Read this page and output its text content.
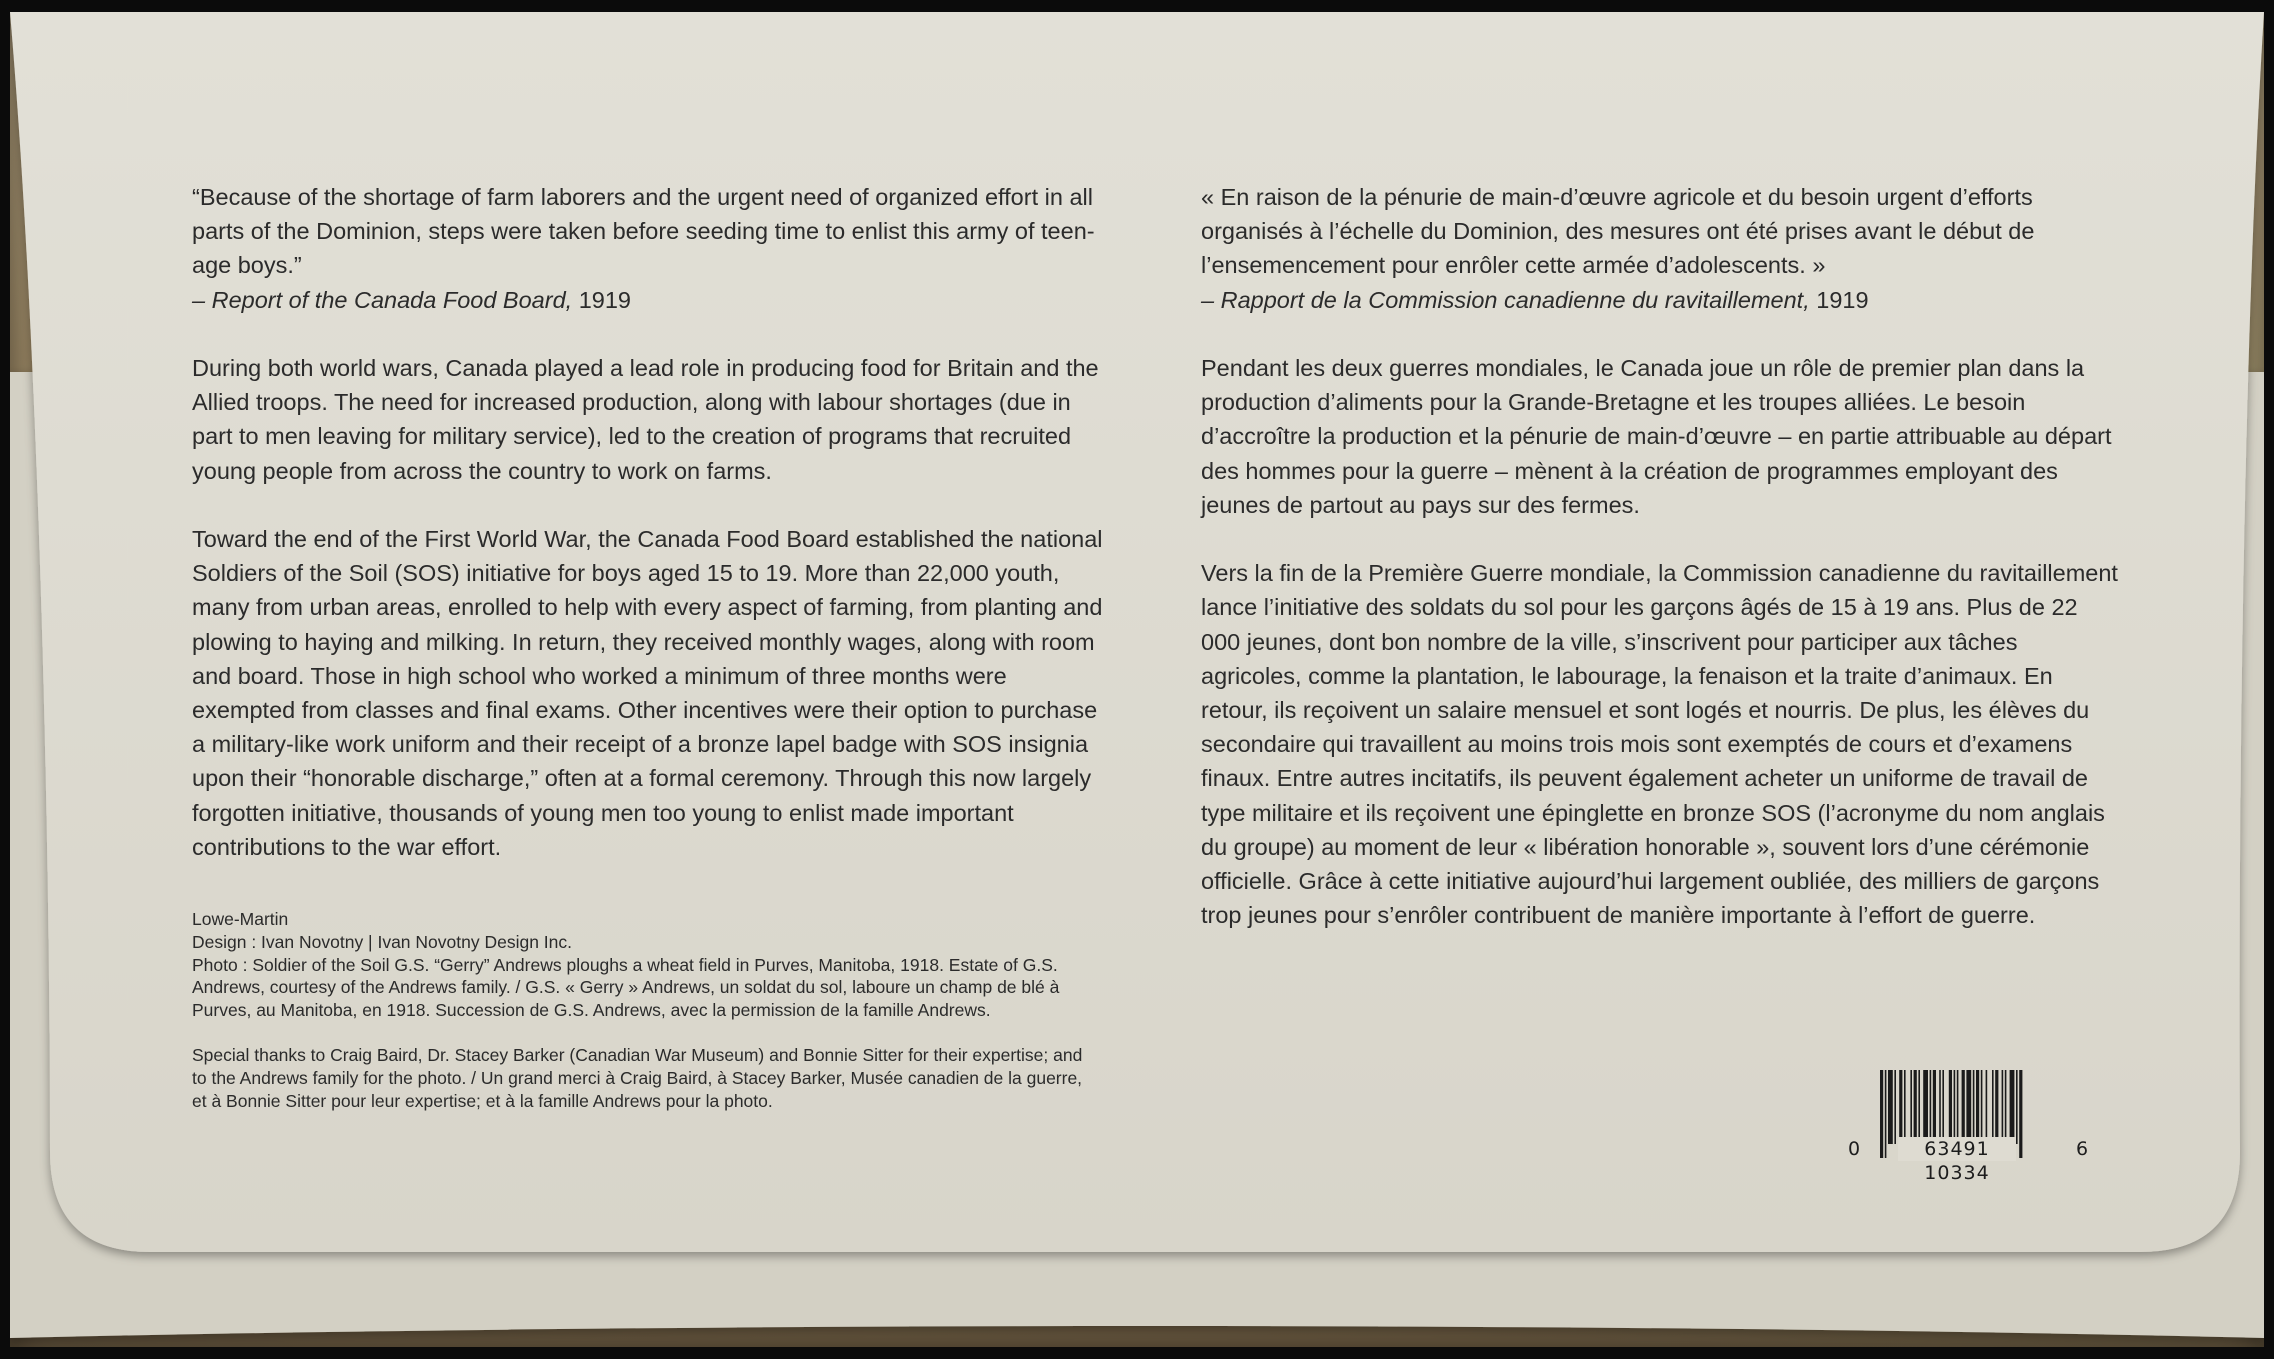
“Because of the shortage of farm laborers and the urgent need of organized effort in all parts of the Dominion, steps were taken before seeding time to enlist this army of teen-age boys.”
– Report of the Canada Food Board, 1919

During both world wars, Canada played a lead role in producing food for Britain and the Allied troops. The need for increased production, along with labour shortages (due in part to men leaving for military service), led to the creation of programs that recruited young people from across the country to work on farms.

Toward the end of the First World War, the Canada Food Board established the national Soldiers of the Soil (SOS) initiative for boys aged 15 to 19. More than 22,000 youth, many from urban areas, enrolled to help with every aspect of farming, from planting and plowing to haying and milking. In return, they received monthly wages, along with room and board. Those in high school who worked a minimum of three months were exempted from classes and final exams. Other incentives were their option to purchase a military-like work uniform and their receipt of a bronze lapel badge with SOS insignia upon their “honorable discharge,” often at a formal ceremony. Through this now largely forgotten initiative, thousands of young men too young to enlist made important contributions to the war effort.

Lowe-Martin
Design : Ivan Novotny | Ivan Novotny Design Inc.
Photo : Soldier of the Soil G.S. “Gerry” Andrews ploughs a wheat field in Purves, Manitoba, 1918. Estate of G.S. Andrews, courtesy of the Andrews family. / G.S. « Gerry » Andrews, un soldat du sol, laboure un champ de blé à Purves, au Manitoba, en 1918. Succession de G.S. Andrews, avec la permission de la famille Andrews.
Special thanks to Craig Baird, Dr. Stacey Barker (Canadian War Museum) and Bonnie Sitter for their expertise; and to the Andrews family for the photo. / Un grand merci à Craig Baird, à Stacey Barker, Musée canadien de la guerre, et à Bonnie Sitter pour leur expertise; et à la famille Andrews pour la photo.

« En raison de la pénurie de main-d’œuvre agricole et du besoin urgent d’efforts organisés à l’échelle du Dominion, des mesures ont été prises avant le début de l’ensemencement pour enrôler cette armée d’adolescents. »
– Rapport de la Commission canadienne du ravitaillement, 1919

Pendant les deux guerres mondiales, le Canada joue un rôle de premier plan dans la production d’aliments pour la Grande-Bretagne et les troupes alliées. Le besoin d’accroître la production et la pénurie de main-d’œuvre – en partie attribuable au départ des hommes pour la guerre – mènent à la création de programmes employant des jeunes de partout au pays sur des fermes.

Vers la fin de la Première Guerre mondiale, la Commission canadienne du ravitaillement lance l’initiative des soldats du sol pour les garçons âgés de 15 à 19 ans. Plus de 22 000 jeunes, dont bon nombre de la ville, s’inscrivent pour participer aux tâches agricoles, comme la plantation, le labourage, la fenaison et la traite d’animaux. En retour, ils reçoivent un salaire mensuel et sont logés et nourris. De plus, les élèves du secondaire qui travaillent au moins trois mois sont exemptés de cours et d’examens finaux. Entre autres incitatifs, ils peuvent également acheter un uniforme de travail de type militaire et ils reçoivent une épinglette en bronze SOS (l’acronyme du nom anglais du groupe) au moment de leur « libération honorable », souvent lors d’une cérémonie officielle. Grâce à cette initiative aujourd’hui largement oubliée, des milliers de garçons trop jeunes pour s’enrôler contribuent de manière importante à l’effort de guerre.

0	63491 10334
6
